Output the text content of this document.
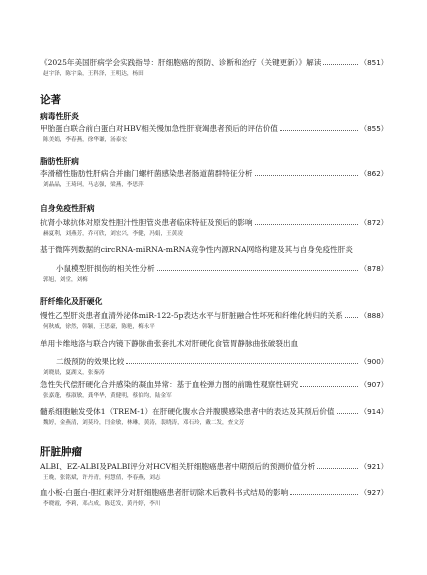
《2025年美国肝病学会实践指导：肝细胞癌的预防、诊断和治疗（关键更新）》解读	（851）
赵宇泽，陈宇枭，王科泽，王明达，杨田
论著
病毒性肝炎
甲胎蛋白联合前白蛋白对HBV相关慢加急性肝衰竭患者预后的评估价值	（855）
陈美娟，李春燕，徐华谦，汤泰宏
脂肪性肝病
李滑稽性脂肪性肝病合并幽门螺杆菌感染患者肠道菌群特征分析	（862）
刘晶晶，王琦珂，马志强，梁燕，李思萍
自身免疫性肝病
抗肾小球抗体对原发性胆汁性胆管炎患者临床特征及预后的影响	（872）
赫夏利，刘燕芳，乔可欣，刘宏兴，李健，冯娟，王黄凌
基于微阵列数据的circRNA-miRNA-mRNA竞争性内源RNA网络构建及其与自身免疫性肝炎
小鼠模型肝损伤的相关性分析	（878）
郭旭，刘堂，刘梅
肝纤维化及肝硬化
慢性乙型肝炎患者血清外泌体miR-122-5p表达水平与肝脏融合性坏死和纤维化转归的关系 （888）
何秋威，徐然，韩颖，王思豪，陈艳，梅永平
单用卡维地洛与联合内镜下静脉曲张套扎术对肝硬化食管胃静脉曲张破裂出血
二级预防的效果比较	（900）
刘晓晨，夏湖义，张秦涛
急性失代偿肝硬化合并感染的凝血异常：基于血栓弹力图的前瞻性观察性研究	（907）
张嘉蓬，蔡淑敏，龚华华，黄健明，蔡伯均，陆金军
髓系细胞触发受体1（TREM-1）在肝硬化腹水合并腹膜感染患者中的表达及其预后价值	（914）
魏婷，金燕清，刘莫玲，闫金敏，林琳，黄涛，裴晓涛，邓石玲，戴二发，查文芳
肝脏肿瘤
ALBI、EZ-ALBI及PALBI评分对HCV相关肝细胞癌患者中期预后的预测价值分析	（921）
王晚，张铭斌，许丹青，何慧倩，李春燕，刘志
血小板-白蛋白-胆红素评分对肝细胞癌患者肝切除术后教科书式结局的影响	（927）
李晓霞，李莉，邓占成，陈廷发，黄丹婷，李川
